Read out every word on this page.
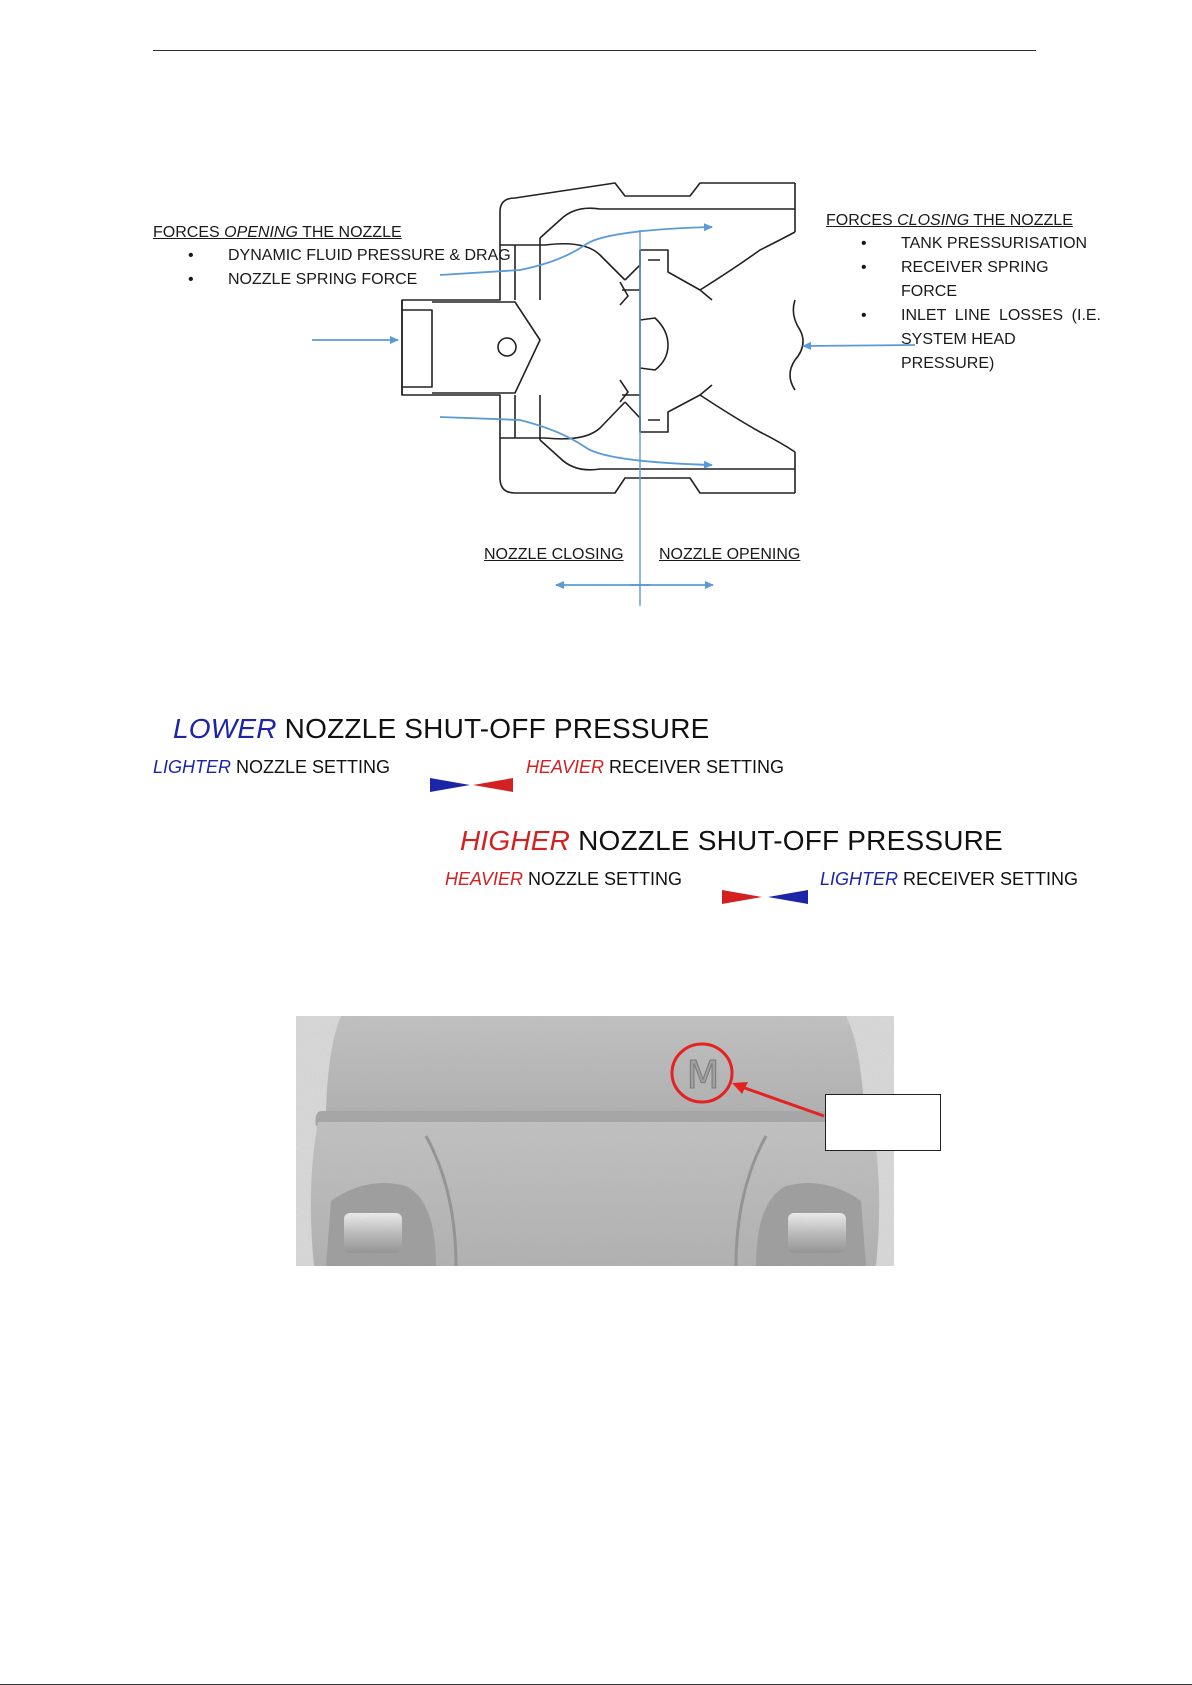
FORCES OPENING THE NOZZLE
• DYNAMIC FLUID PRESSURE & DRAG
• NOZZLE SPRING FORCE
FORCES CLOSING THE NOZZLE
• TANK PRESSURISATION
• RECEIVER SPRING FORCE
• INLET LINE LOSSES (I.E.
SYSTEM HEAD PRESSURE)
NOZZLE CLOSING NOZZLE OPENING
LOWER NOZZLE SHUT-OFF PRESSURE
LIGHTER NOZZLE SETTING	HEAVIER RECEIVER SETTING
HIGHER NOZZLE SHUT-OFF PRESSURE
HEAVIER NOZZLE SETTING	LIGHTER RECEIVER SETTING
M
